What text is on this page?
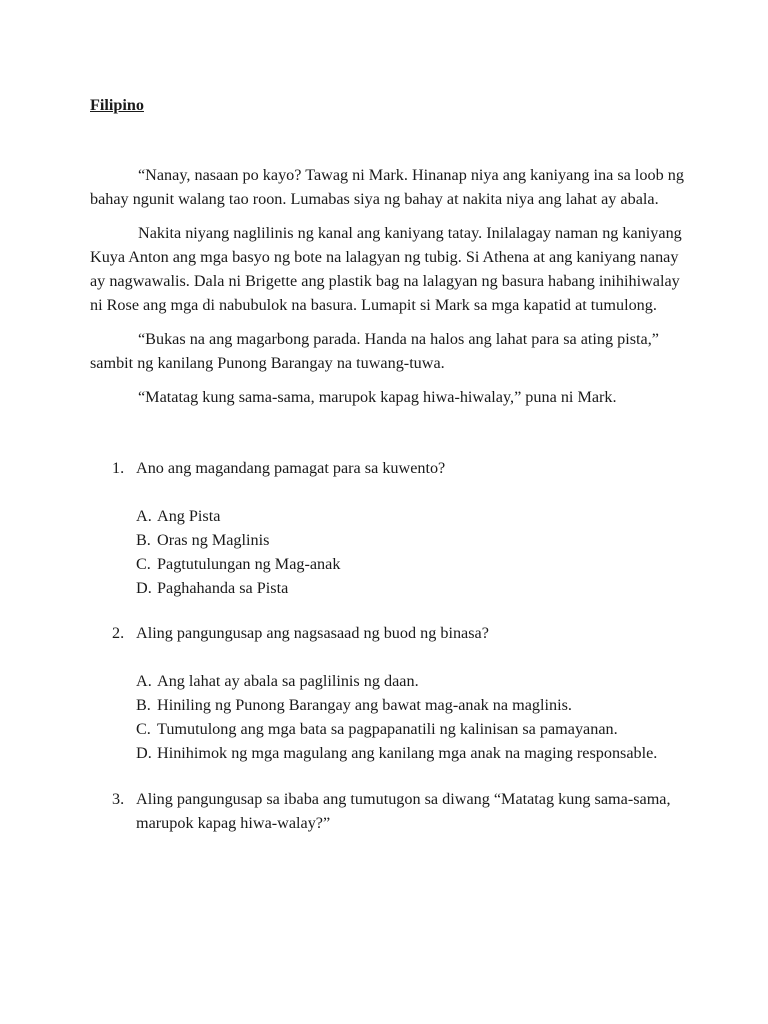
Filipino

“Nanay, nasaan po kayo? Tawag ni Mark. Hinanap niya ang kaniyang ina sa loob ng bahay ngunit walang tao roon. Lumabas siya ng bahay at nakita niya ang lahat ay abala.

Nakita niyang naglilinis ng kanal ang kaniyang tatay. Inilalagay naman ng kaniyang Kuya Anton ang mga basyo ng bote na lalagyan ng tubig. Si Athena at ang kaniyang nanay ay nagwawalis. Dala ni Brigette ang plastik bag na lalagyan ng basura habang inihihiwalay ni Rose ang mga di nabubulok na basura. Lumapit si Mark sa mga kapatid at tumulong.

“Bukas na ang magarbong parada. Handa na halos ang lahat para sa ating pista,” sambit ng kanilang Punong Barangay na tuwang-tuwa.

“Matatag kung sama-sama, marupok kapag hiwa-hiwalay,” puna ni Mark.

1. Ano ang magandang pamagat para sa kuwento?
A. Ang Pista
B. Oras ng Maglinis
C. Pagtutulungan ng Mag-anak
D. Paghahanda sa Pista
2. Aling pangungusap ang nagsasaad ng buod ng binasa?
A. Ang lahat ay abala sa paglilinis ng daan.
B. Hiniling ng Punong Barangay ang bawat mag-anak na maglinis.
C. Tumutulong ang mga bata sa pagpapanatili ng kalinisan sa pamayanan.
D. Hinihimok ng mga magulang ang kanilang mga anak na maging responsable.
3. Aling pangungusap sa ibaba ang tumutugon sa diwang “Matatag kung sama-sama, marupok kapag hiwa-walay?”
